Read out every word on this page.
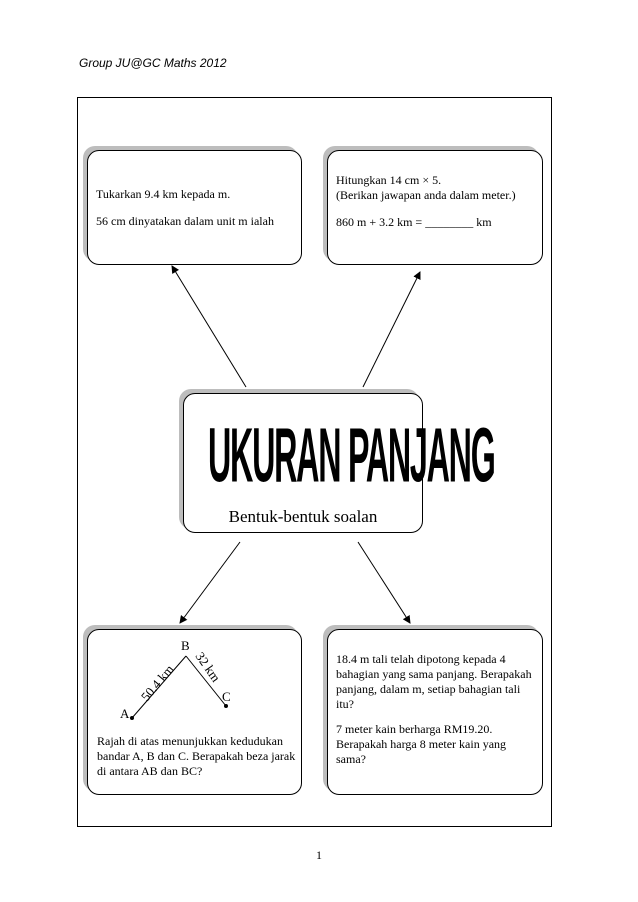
Group JU@GC Maths 2012

Tukarkan 9.4 km kepada m.

56 cm dinyatakan dalam unit m ialah

Hitungkan 14 cm × 5.

(Berikan jawapan anda dalam meter.)

860 m + 3.2 km = ________ km

UKURAN PANJANG
Bentuk-bentuk soalan
A
B
C
50.4 km 32 km

Rajah di atas menunjukkan kedudukan bandar A, B dan C. Berapakah beza jarak di antara AB dan BC?

18.4 m tali telah dipotong kepada 4 bahagian yang sama panjang. Berapakah panjang, dalam m, setiap bahagian tali itu?

7 meter kain berharga RM19.20. Berapakah harga 8 meter kain yang sama?

1
